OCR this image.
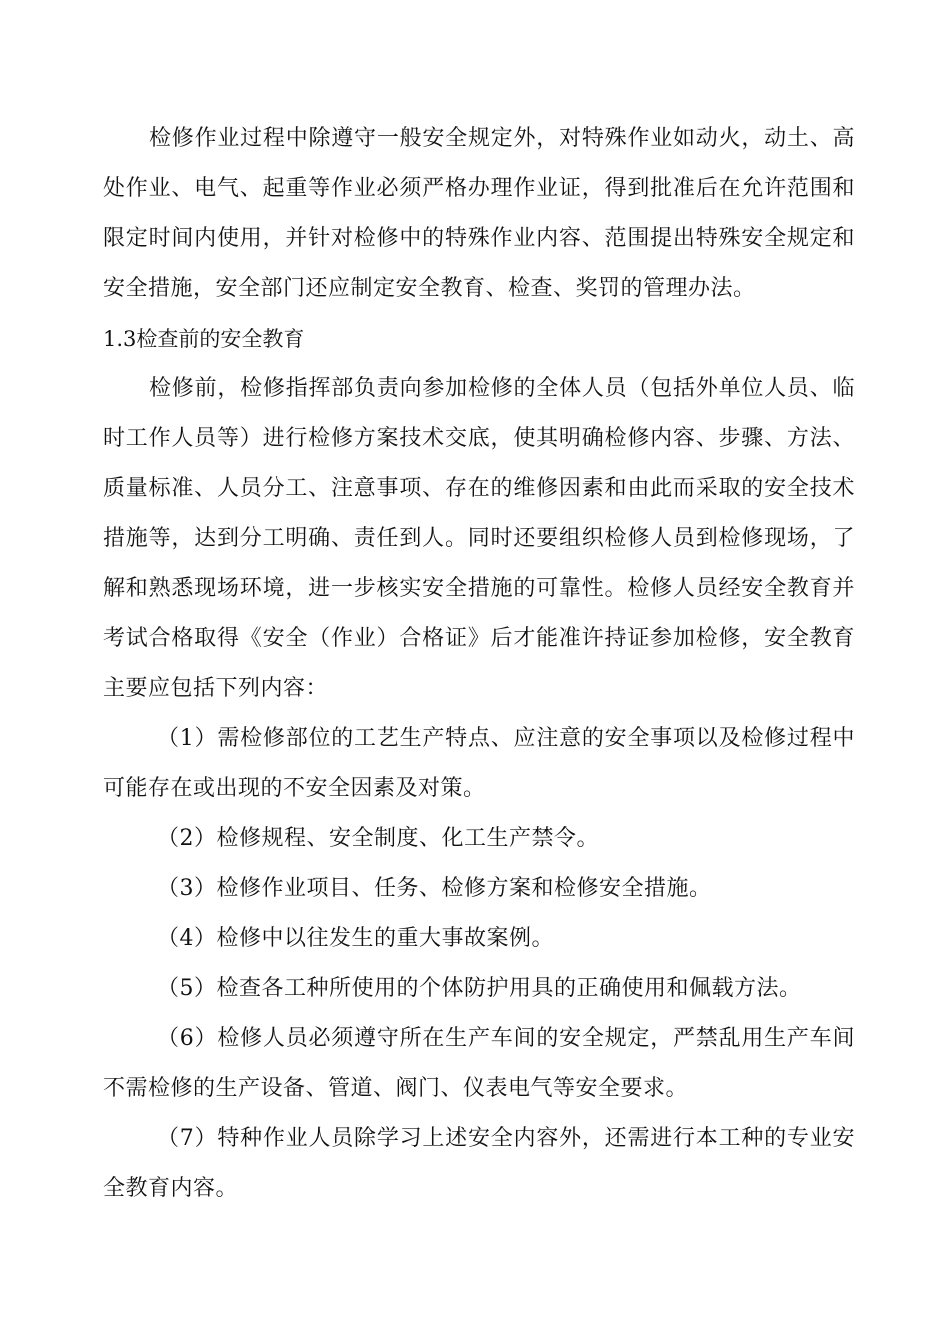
检修作业过程中除遵守一般安全规定外，对特殊作业如动火，动土、高处作业、电气、起重等作业必须严格办理作业证，得到批准后在允许范围和限定时间内使用，并针对检修中的特殊作业内容、范围提出特殊安全规定和安全措施，安全部门还应制定安全教育、检查、奖罚的管理办法。

1.3检查前的安全教育

检修前，检修指挥部负责向参加检修的全体人员（包括外单位人员、临时工作人员等）进行检修方案技术交底，使其明确检修内容、步骤、方法、质量标准、人员分工、注意事项、存在的维修因素和由此而采取的安全技术措施等，达到分工明确、责任到人。同时还要组织检修人员到检修现场，了解和熟悉现场环境，进一步核实安全措施的可靠性。检修人员经安全教育并考试合格取得《安全（作业）合格证》后才能准许持证参加检修，安全教育主要应包括下列内容：

（1）需检修部位的工艺生产特点、应注意的安全事项以及检修过程中可能存在或出现的不安全因素及对策。

（2）检修规程、安全制度、化工生产禁令。

（3）检修作业项目、任务、检修方案和检修安全措施。

（4）检修中以往发生的重大事故案例。

（5）检查各工种所使用的个体防护用具的正确使用和佩载方法。

（6）检修人员必须遵守所在生产车间的安全规定，严禁乱用生产车间不需检修的生产设备、管道、阀门、仪表电气等安全要求。

（7）特种作业人员除学习上述安全内容外，还需进行本工种的专业安全教育内容。
